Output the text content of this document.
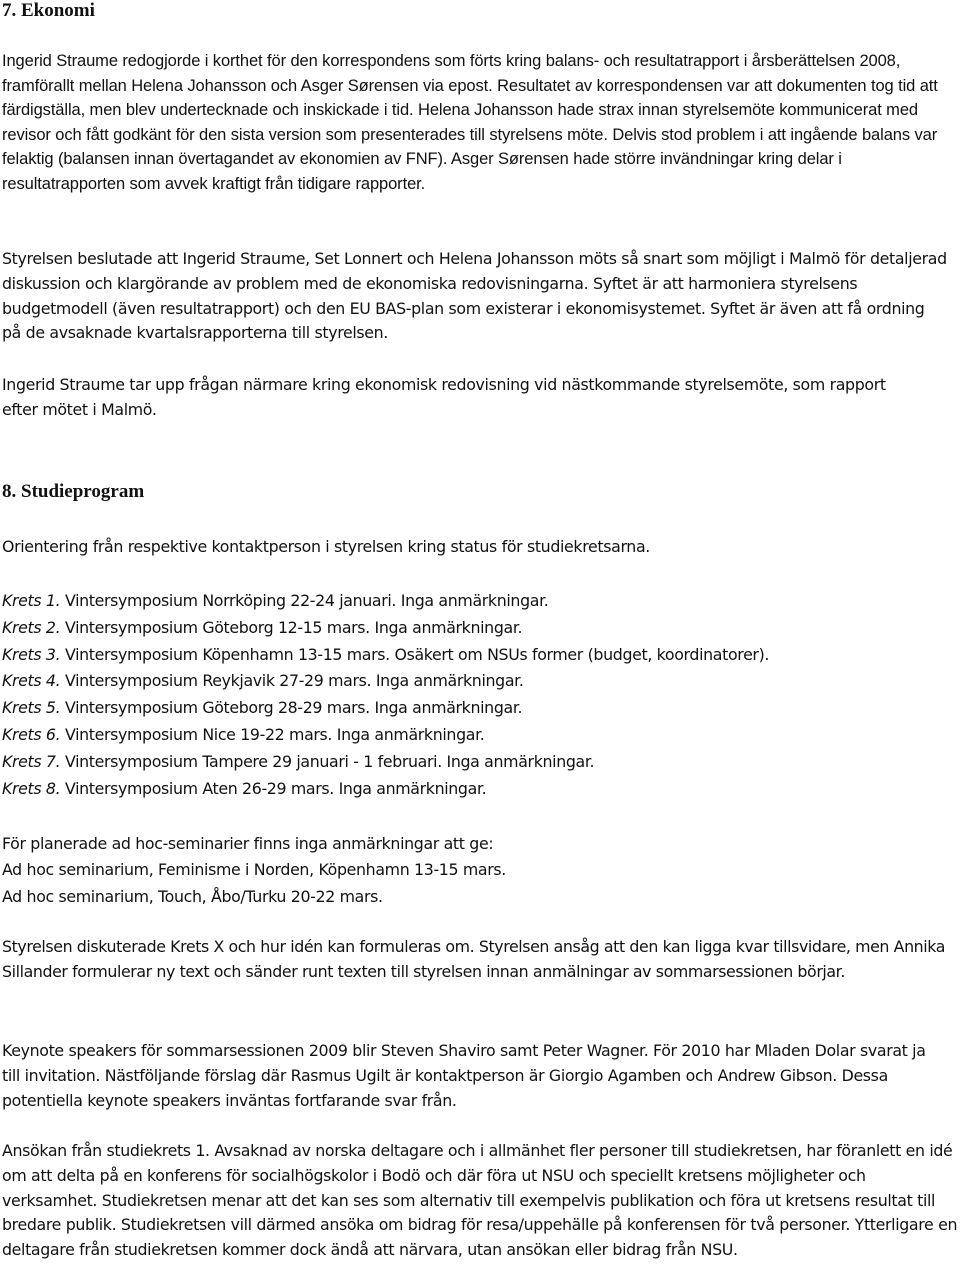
7. Ekonomi

Ingerid Straume redogjorde i korthet för den korrespondens som förts kring balans- och resultatrapport i årsberättelsen 2008, framförallt mellan Helena Johansson och Asger Sørensen via epost. Resultatet av korrespondensen var att dokumenten tog tid att färdigställa, men blev undertecknade och inskickade i tid. Helena Johansson hade strax innan styrelsemöte kommunicerat med revisor och fått godkänt för den sista version som presenterades till styrelsens möte. Delvis stod problem i att ingående balans var felaktig (balansen innan övertagandet av ekonomien av FNF). Asger Sørensen hade större invändningar kring delar i resultatrapporten som avvek kraftigt från tidigare rapporter.

Styrelsen beslutade att Ingerid Straume, Set Lonnert och Helena Johansson möts så snart som möjligt i Malmö för detaljerad diskussion och klargörande av problem med de ekonomiska redovisningarna. Syftet är att harmoniera styrelsens budgetmodell (även resultatrapport) och den EU BAS-plan som existerar i ekonomisystemet. Syftet är även att få ordning på de avsaknade kvartalsrapporterna till styrelsen.

Ingerid Straume tar upp frågan närmare kring ekonomisk redovisning vid nästkommande styrelsemöte, som rapport efter mötet i Malmö.

8. Studieprogram

Orientering från respektive kontaktperson i styrelsen kring status för studiekretsarna.

Krets 1. Vintersymposium Norrköping 22-24 januari. Inga anmärkningar.

Krets 2. Vintersymposium Göteborg 12-15 mars. Inga anmärkningar.

Krets 3. Vintersymposium Köpenhamn 13-15 mars. Osäkert om NSUs former (budget, koordinatorer).

Krets 4. Vintersymposium Reykjavik 27-29 mars. Inga anmärkningar.

Krets 5. Vintersymposium Göteborg 28-29 mars. Inga anmärkningar.

Krets 6. Vintersymposium Nice 19-22 mars. Inga anmärkningar.

Krets 7. Vintersymposium Tampere 29 januari - 1 februari. Inga anmärkningar.

Krets 8. Vintersymposium Aten 26-29 mars. Inga anmärkningar.

För planerade ad hoc-seminarier finns inga anmärkningar att ge:
Ad hoc seminarium, Feminisme i Norden, Köpenhamn 13-15 mars.
Ad hoc seminarium, Touch, Åbo/Turku 20-22 mars.

Styrelsen diskuterade Krets X och hur idén kan formuleras om. Styrelsen ansåg att den kan ligga kvar tillsvidare, men Annika Sillander formulerar ny text och sänder runt texten till styrelsen innan anmälningar av sommarsessionen börjar.

Keynote speakers för sommarsessionen 2009 blir Steven Shaviro samt Peter Wagner. För 2010 har Mladen Dolar svarat ja till invitation. Nästföljande förslag där Rasmus Ugilt är kontaktperson är Giorgio Agamben och Andrew Gibson. Dessa potentiella keynote speakers inväntas fortfarande svar från.

Ansökan från studiekrets 1. Avsaknad av norska deltagare och i allmänhet fler personer till studiekretsen, har föranlett en idé om att delta på en konferens för socialhögskolor i Bodö och där föra ut NSU och speciellt kretsens möjligheter och verksamhet. Studiekretsen menar att det kan ses som alternativ till exempelvis publikation och föra ut kretsens resultat till bredare publik. Studiekretsen vill därmed ansöka om bidrag för resa/uppehälle på konferensen för två personer. Ytterligare en deltagare från studiekretsen kommer dock ändå att närvara, utan ansökan eller bidrag från NSU.
